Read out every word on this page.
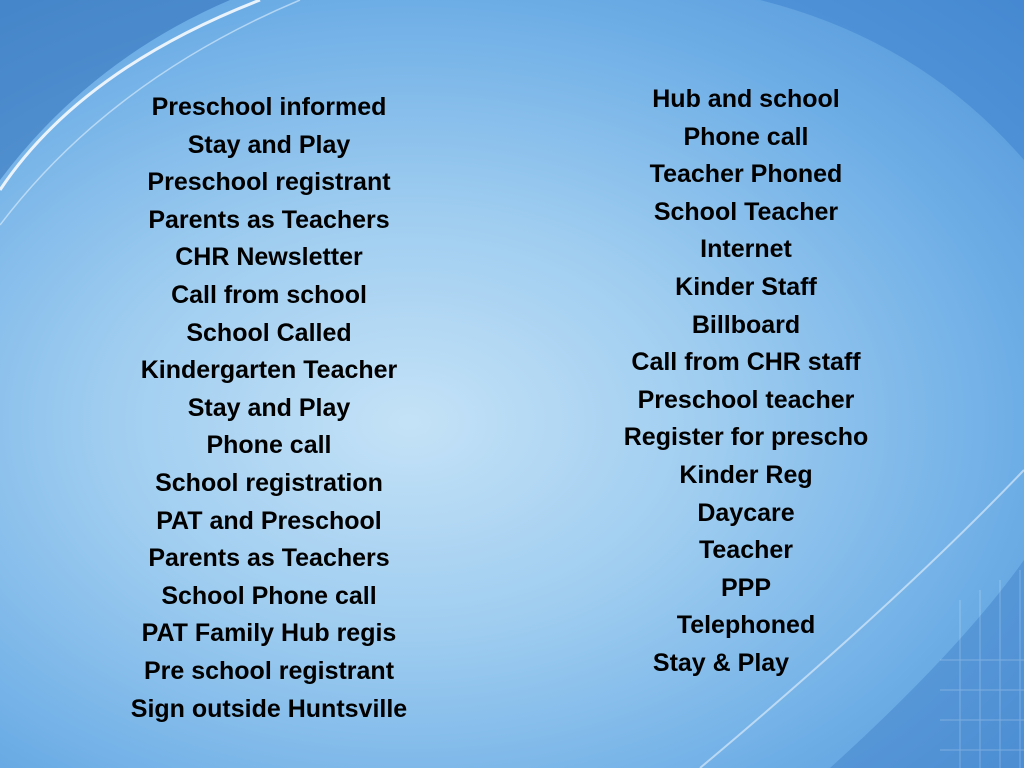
Preschool informed
Stay and Play
Preschool registrant
Parents as Teachers
CHR Newsletter
Call from school
School Called
Kindergarten Teacher
Stay and Play
Phone call
School registration
PAT and Preschool
Parents as Teachers
School Phone call
PAT Family Hub regis
Pre school registrant
Sign outside Huntsville
Hub and school
Phone call
Teacher Phoned
School Teacher
Internet
Kinder Staff
Billboard
Call from CHR staff
Preschool teacher
Register for prescho
Kinder Reg
Daycare
Teacher
PPP
Telephoned
Stay & Play
